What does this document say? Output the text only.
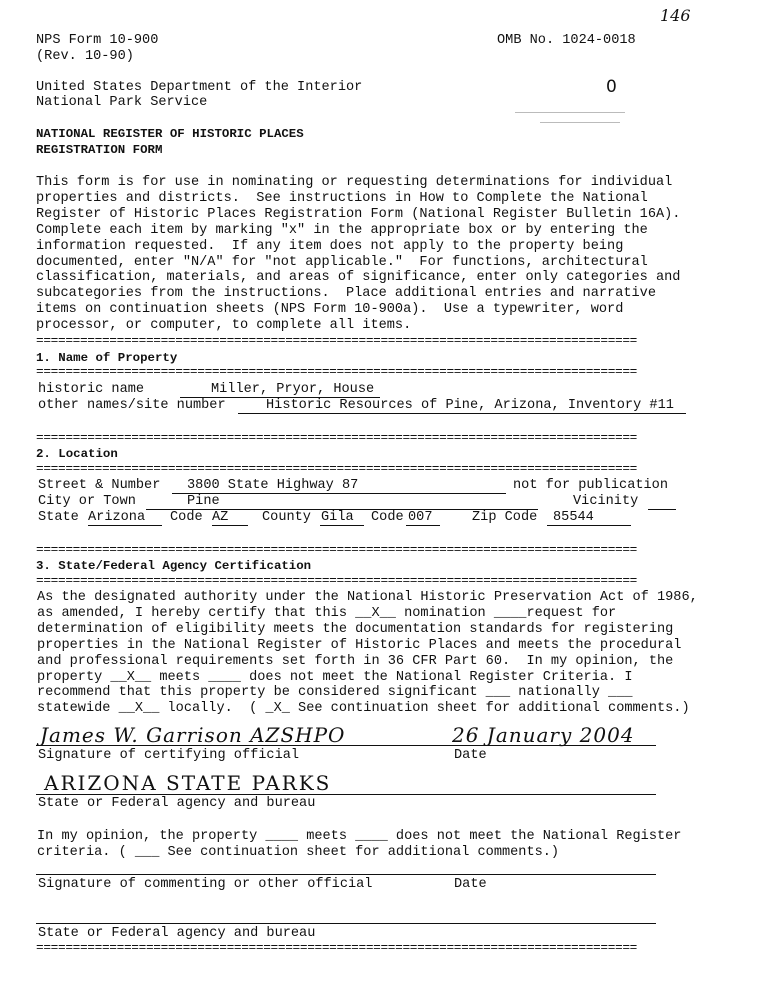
146
NPS Form 10-900
(Rev. 10-90)
OMB No. 1024-0018
0
United States Department of the Interior
National Park Service
NATIONAL REGISTER OF HISTORIC PLACES
REGISTRATION FORM
This form is for use in nominating or requesting determinations for individual
properties and districts.  See instructions in How to Complete the National
Register of Historic Places Registration Form (National Register Bulletin 16A).
Complete each item by marking "x" in the appropriate box or by entering the
information requested.  If any item does not apply to the property being
documented, enter "N/A" for "not applicable."  For functions, architectural
classification, materials, and areas of significance, enter only categories and
subcategories from the instructions.  Place additional entries and narrative
items on continuation sheets (NPS Form 10-900a).  Use a typewriter, word
processor, or computer, to complete all items.
==================================================================================
1. Name of Property
==================================================================================
historic name	Miller, Pryor, House
other names/site number	Historic Resources of Pine, Arizona, Inventory #11
==================================================================================
2. Location
==================================================================================
Street & Number 3800 State Highway 87	not for publication
City or Town	Pine	Vicinity
State Arizona Code AZ County Gila Code 007	Zip Code 85544
==================================================================================
3. State/Federal Agency Certification
==================================================================================
As the designated authority under the National Historic Preservation Act of 1986,
as amended, I hereby certify that this __X__ nomination ____request for
determination of eligibility meets the documentation standards for registering
properties in the National Register of Historic Places and meets the procedural
and professional requirements set forth in 36 CFR Part 60.  In my opinion, the
property __X__ meets ____ does not meet the National Register Criteria. I
recommend that this property be considered significant ___ nationally ___
statewide __X__ locally.  ( _X_ See continuation sheet for additional comments.)
James W. Garrison AZSHPO	26 January 2004
Signature of certifying official	Date
ARIZONA STATE PARKS
State or Federal agency and bureau
In my opinion, the property ____ meets ____ does not meet the National Register
criteria. ( ___ See continuation sheet for additional comments.)
Signature of commenting or other official	Date
State or Federal agency and bureau
==================================================================================
